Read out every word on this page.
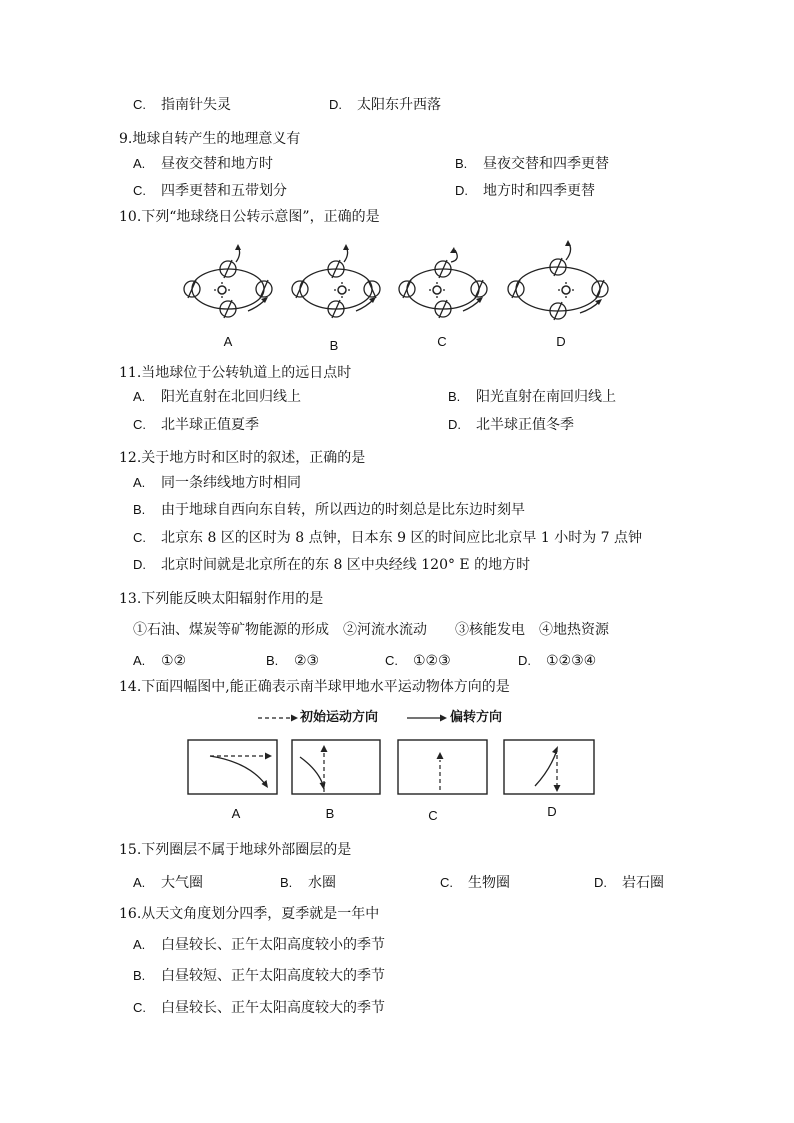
C. 指南针失灵	D. 太阳东升西落
9.地球自转产生的地理意义有
A. 昼夜交替和地方时	B. 昼夜交替和四季更替
C. 四季更替和五带划分	D. 地方时和四季更替
10.下列“地球绕日公转示意图”，正确的是
A	B	C	D
11.当地球位于公转轨道上的远日点时
A. 阳光直射在北回归线上	B. 阳光直射在南回归线上
C. 北半球正值夏季	D. 北半球正值冬季
12.关于地方时和区时的叙述，正确的是
A. 同一条纬线地方时相同
B. 由于地球自西向东自转，所以西边的时刻总是比东边时刻早
C. 北京东 8 区的区时为 8 点钟，日本东 9 区的时间应比北京早 1 小时为 7 点钟
D. 北京时间就是北京所在的东 8 区中央经线 120° E 的地方时
13.下列能反映太阳辐射作用的是
①石油、煤炭等矿物能源的形成　②河流水流动　　③核能发电　④地热资源
A. ①②	B. ②③	C. ①②③	D. ①②③④
14.下面四幅图中,能正确表示南半球甲地水平运动物体方向的是
初始运动方向	偏转方向
A	B	C	D
15.下列圈层不属于地球外部圈层的是
A. 大气圈	B. 水圈	C. 生物圈	D. 岩石圈
16.从天文角度划分四季，夏季就是一年中
A. 白昼较长、正午太阳高度较小的季节
B. 白昼较短、正午太阳高度较大的季节
C. 白昼较长、正午太阳高度较大的季节
